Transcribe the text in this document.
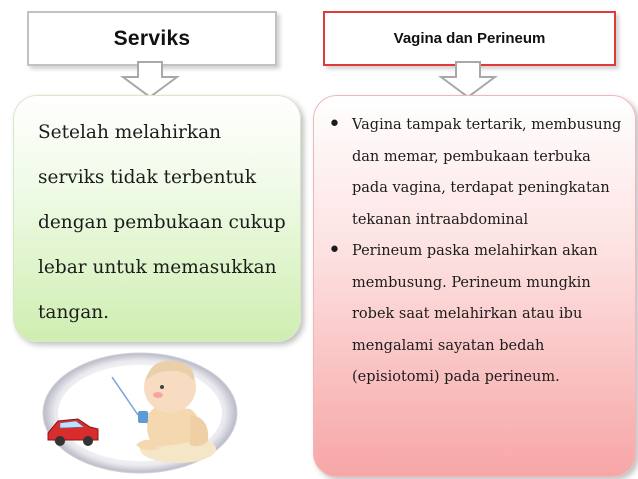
Serviks	Vagina dan Perineum

Setelah melahirkan serviks tidak terbentuk dengan pembukaan cukup lebar untuk memasukkan tangan.

• Vagina tampak tertarik, membusung dan memar, pembukaan terbuka pada vagina, terdapat peningkatan tekanan intraabdominal
• Perineum paska melahirkan akan membusung. Perineum mungkin robek saat melahirkan atau ibu mengalami sayatan bedah (episiotomi) pada perineum.
